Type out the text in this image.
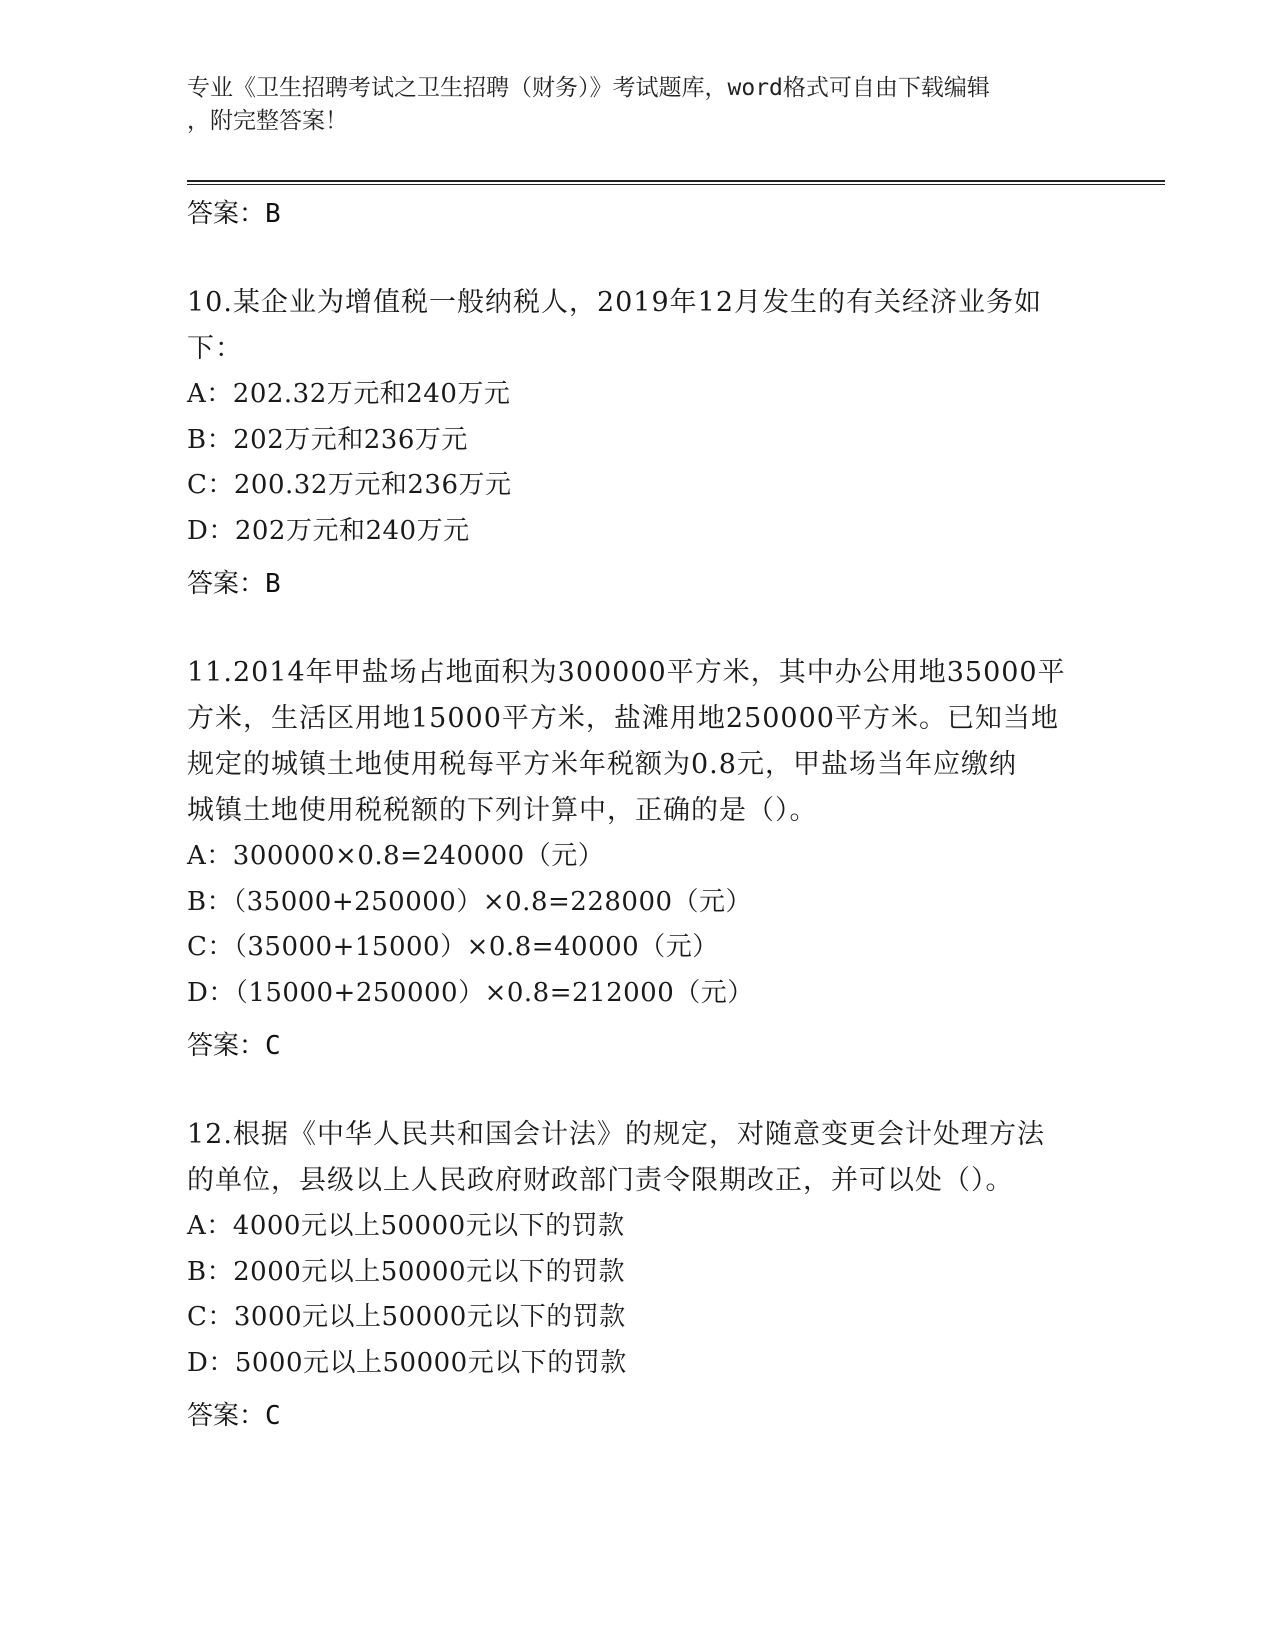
专业《卫生招聘考试之卫生招聘（财务）》考试题库，word格式可自由下载编辑
，附完整答案！
答案：B
10.某企业为增值税一般纳税人，2019年12月发生的有关经济业务如
下：
A：202.32万元和240万元
B：202万元和236万元
C：200.32万元和236万元
D：202万元和240万元
答案：B
11.2014年甲盐场占地面积为300000平方米，其中办公用地35000平
方米，生活区用地15000平方米，盐滩用地250000平方米。已知当地
规定的城镇土地使用税每平方米年税额为0.8元，甲盐场当年应缴纳
城镇土地使用税税额的下列计算中，正确的是（）。
A：300000×0.8=240000（元）
B：（35000+250000）×0.8=228000（元）
C：（35000+15000）×0.8=40000（元）
D：（15000+250000）×0.8=212000（元）
答案：C
12.根据《中华人民共和国会计法》的规定，对随意变更会计处理方法
的单位，县级以上人民政府财政部门责令限期改正，并可以处（）。
A：4000元以上50000元以下的罚款
B：2000元以上50000元以下的罚款
C：3000元以上50000元以下的罚款
D：5000元以上50000元以下的罚款
答案：C
